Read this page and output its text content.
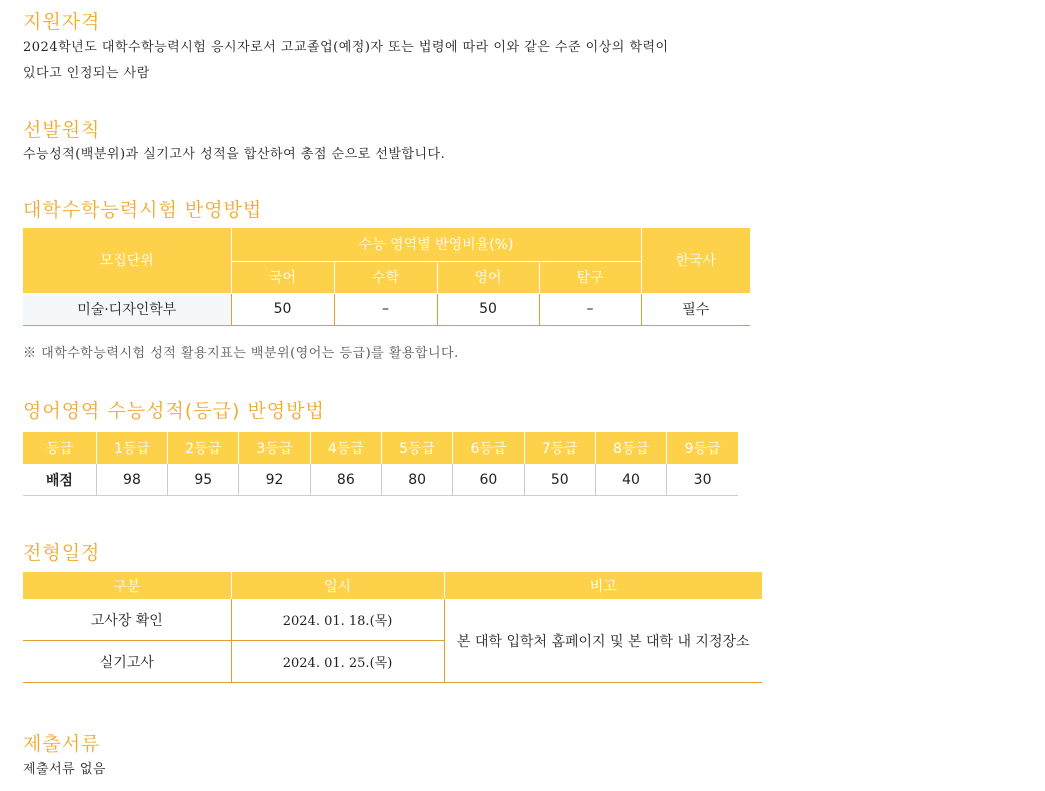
지원자격
2024학년도 대학수학능력시험 응시자로서 고교졸업(예정)자 또는 법령에 따라 이와 같은 수준 이상의 학력이
있다고 인정되는 사람
선발원칙
수능성적(백분위)과 실기고사 성적을 합산하여 총점 순으로 선발합니다.
대학수학능력시험 반영방법
모집단위	수능 영역별 반영비율(%)				한국사
	국어	수학	영어	탐구	
미술·디자인학부	50	–	50	–	필수
※ 대학수학능력시험 성적 활용지표는 백분위(영어는 등급)를 활용합니다.
영어영역 수능성적(등급) 반영방법
등급	1등급	2등급	3등급	4등급	5등급	6등급	7등급	8등급	9등급
배점	98	95	92	86	80	60	50	40	30
전형일정
구분	일시	비고
고사장 확인	2024. 01. 18.(목)	본 대학 입학처 홈페이지 및 본 대학 내 지정장소
실기고사	2024. 01. 25.(목)	
제출서류
제출서류 없음
